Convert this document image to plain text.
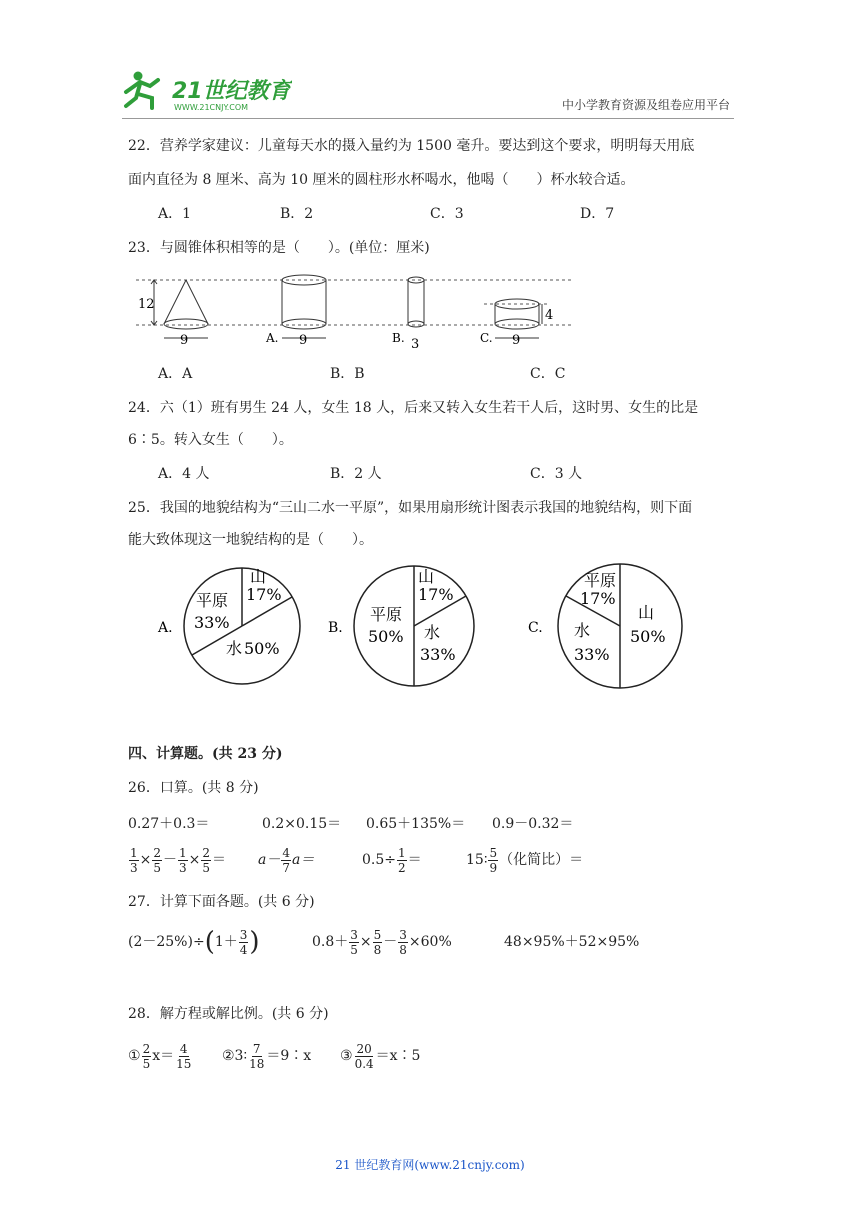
21世纪教育
WWW.21CNJY.COM	中小学教育资源及组卷应用平台
22．营养学家建议：儿童每天水的摄入量约为 1500 毫升。要达到这个要求，明明每天用底
面内直径为 8 厘米、高为 10 厘米的圆柱形水杯喝水，他喝（　　）杯水较合适。
A．1	B．2	C．3	D．7
23．与圆锥体积相等的是（　　）。(单位：厘米)
12
9	A. 9	B. 3
4
C. 9
A．A	B．B	C．C
24．六（1）班有男生 24 人，女生 18 人，后来又转入女生若干人后，这时男、女生的比是
6∶5。转入女生（　　）。
A．4 人	B．2 人	C．3 人
25．我国的地貌结构为“三山二水一平原”，如果用扇形统计图表示我国的地貌结构，则下面
能大致体现这一地貌结构的是（　　）。
A.
山
17%
平原
33%
水 50%
B.
山
17%
平原
50% 水
33%
C.
平原
17%
水
33%
山
50%
四、计算题。(共 23 分)
26．口算。(共 8 分)
0.27＋0.3＝	0.2×0.15＝ 0.65＋135%＝ 0.9－0.32＝
$\frac{1}{3} \times \frac{2}{5} - \frac{1}{3} \times \frac{2}{5} = a- \frac{4}{7} a=$	$0.5\div \frac{1}{2}$ ＝	15∶ $\frac{5}{9}$ （化简比）＝
27．计算下面各题。(共 6 分)
(2－25%)÷ ( $1+ \frac{3}{4}$ )	$0.8+ \frac{3}{5} \times \frac{5}{8} - \frac{3}{8} \times 60\%$	48×95%＋52×95%
28．解方程或解比例。(共 6 分)
① $\frac{2}{5} x= \frac{4}{15}$ ②3∶ $\frac{7}{18}$ ＝9∶x ③ $\frac{20}{0.4}$ ＝x∶5
21 世纪教育网(www.21cnjy.com)
